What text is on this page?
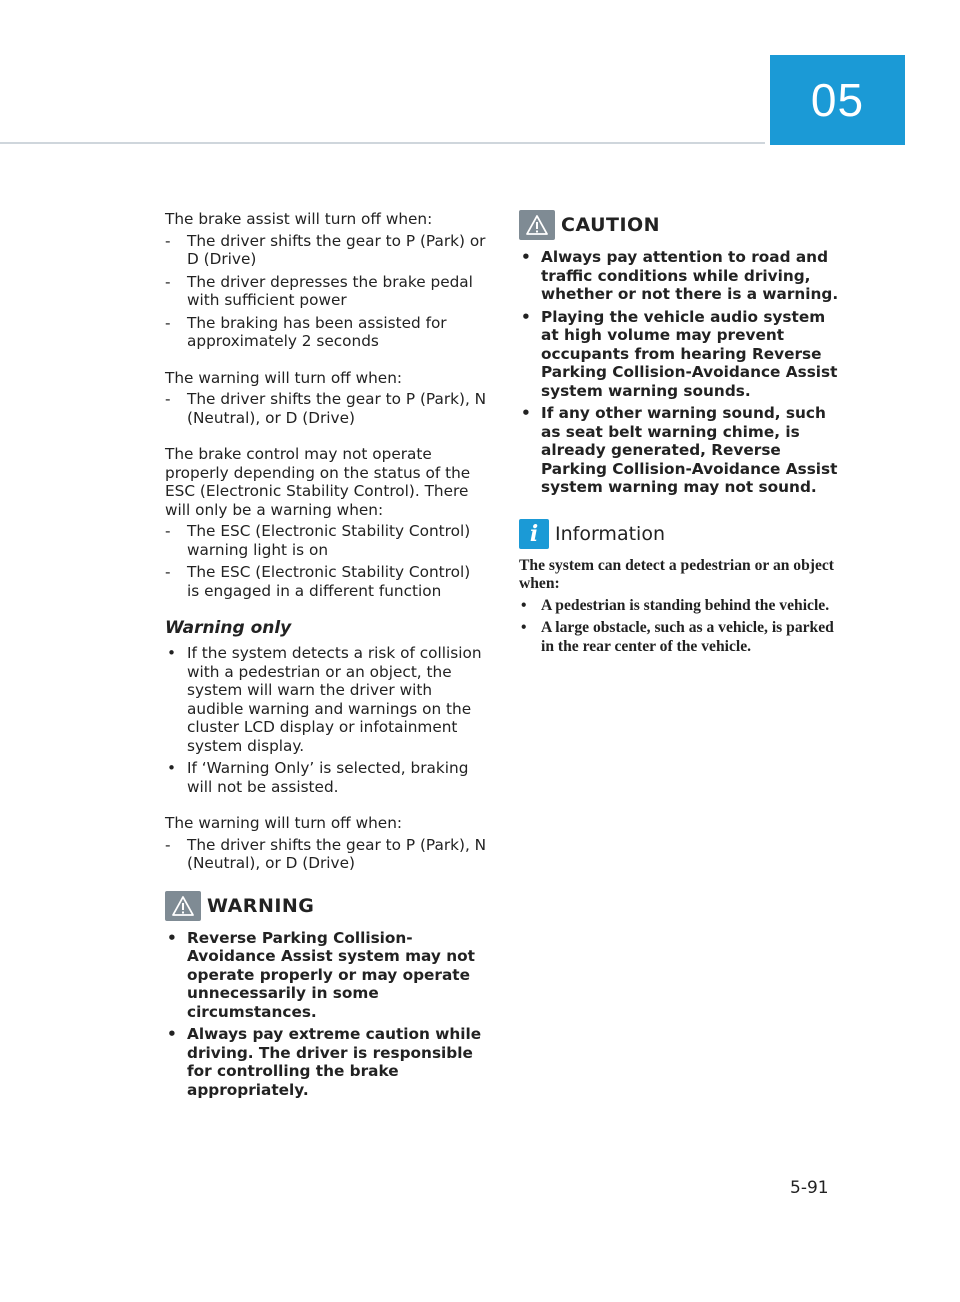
05

The brake assist will turn off when:

- The driver shifts the gear to P (Park) or D (Drive)
- The driver depresses the brake pedal with sufficient power
- The braking has been assisted for approximately 2 seconds

The warning will turn off when:

- The driver shifts the gear to P (Park), N (Neutral), or D (Drive)

The brake control may not operate properly depending on the status of the ESC (Electronic Stability Control). There will only be a warning when:

- The ESC (Electronic Stability Control) warning light is on
- The ESC (Electronic Stability Control) is engaged in a different function
Warning only
• If the system detects a risk of collision with a pedestrian or an object, the system will warn the driver with audible warning and warnings on the cluster LCD display or infotainment system display.
• If ‘Warning Only’ is selected, braking will not be assisted.

The warning will turn off when:

- The driver shifts the gear to P (Park), N (Neutral), or D (Drive)
WARNING
• Reverse Parking Collision-Avoidance Assist system may not operate properly or may operate unnecessarily in some circumstances.
• Always pay extreme caution while driving. The driver is responsible for controlling the brake appropriately.
CAUTION
• Always pay attention to road and traffic conditions while driving, whether or not there is a warning.
• Playing the vehicle audio system at high volume may prevent occupants from hearing Reverse Parking Collision-Avoidance Assist system warning sounds.
• If any other warning sound, such as seat belt warning chime, is already generated, Reverse Parking Collision-Avoidance Assist system warning may not sound.
i Information

The system can detect a pedestrian or an object when:

• A pedestrian is standing behind the vehicle.
• A large obstacle, such as a vehicle, is parked in the rear center of the vehicle.
5-91
